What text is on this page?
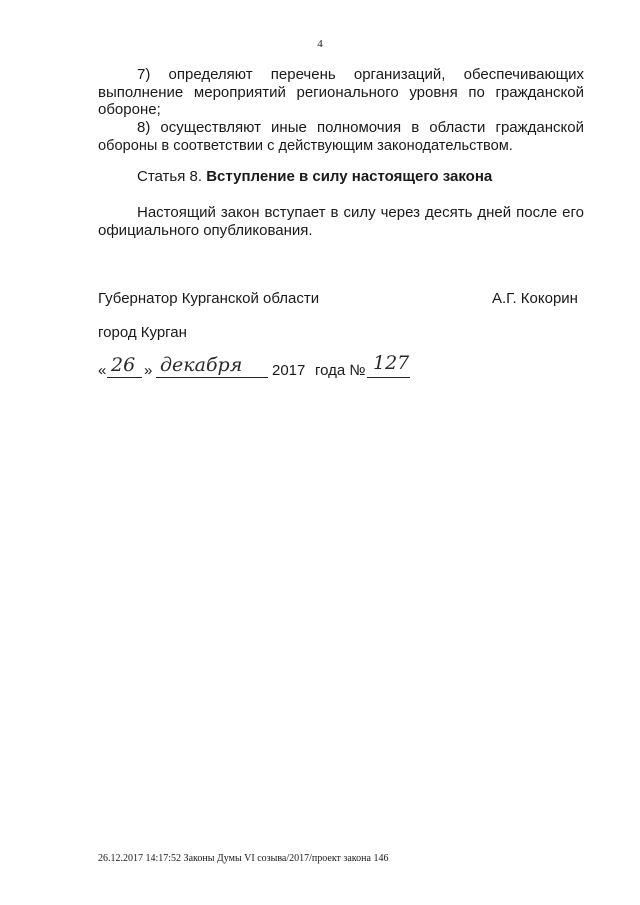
4
7) определяют перечень организаций, обеспечивающих
выполнение мероприятий регионального уровня по гражданской
обороне;
8) осуществляют иные полномочия в области гражданской
обороны в соответствии с действующим законодательством.
Статья 8. Вступление в силу настоящего закона
Настоящий закон вступает в силу через десять дней после его
официального опубликования.
Губернатор Курганской области	А.Г. Кокорин
город Курган
« 26 » декабря 2017 года № 127
26.12.2017 14:17:52 Законы Думы VI созыва/2017/проект закона 146
